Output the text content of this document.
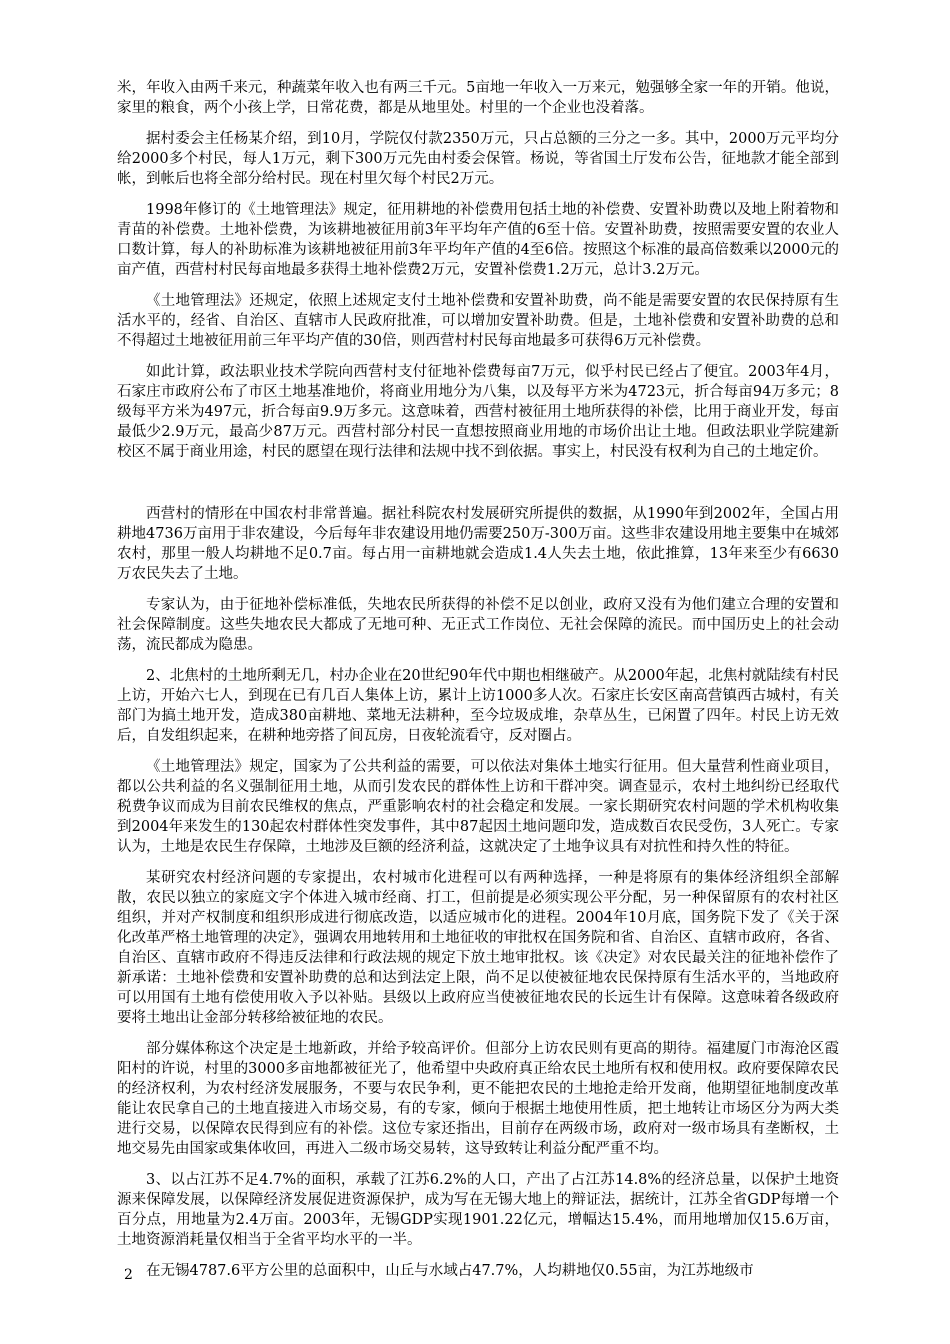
米，年收入由两千来元，种蔬菜年收入也有两三千元。5亩地一年收入一万来元，勉强够全家一年的开销。他说，家里的粮食，两个小孩上学，日常花费，都是从地里处。村里的一个企业也没着落。

据村委会主任杨某介绍，到10月，学院仅付款2350万元，只占总额的三分之一多。其中，2000万元平均分给2000多个村民，每人1万元，剩下300万元先由村委会保管。杨说，等省国土厅发布公告，征地款才能全部到帐，到帐后也将全部分给村民。现在村里欠每个村民2万元。

1998年修订的《土地管理法》规定，征用耕地的补偿费用包括土地的补偿费、安置补助费以及地上附着物和青苗的补偿费。土地补偿费，为该耕地被征用前3年平均年产值的6至十倍。安置补助费，按照需要安置的农业人口数计算，每人的补助标准为该耕地被征用前3年平均年产值的4至6倍。按照这个标准的最高倍数乘以2000元的亩产值，西营村村民每亩地最多获得土地补偿费2万元，安置补偿费1.2万元，总计3.2万元。

《土地管理法》还规定，依照上述规定支付土地补偿费和安置补助费，尚不能是需要安置的农民保持原有生活水平的，经省、自治区、直辖市人民政府批准，可以增加安置补助费。但是，土地补偿费和安置补助费的总和不得超过土地被征用前三年平均产值的30倍，则西营村村民每亩地最多可获得6万元补偿费。

如此计算，政法职业技术学院向西营村支付征地补偿费每亩7万元，似乎村民已经占了便宜。2003年4月，石家庄市政府公布了市区土地基准地价，将商业用地分为八集，以及每平方米为4723元，折合每亩94万多元；8级每平方米为497元，折合每亩9.9万多元。这意味着，西营村被征用土地所获得的补偿，比用于商业开发，每亩最低少2.9万元，最高少87万元。西营村部分村民一直想按照商业用地的市场价出让土地。但政法职业学院建新校区不属于商业用途，村民的愿望在现行法律和法规中找不到依据。事实上，村民没有权利为自己的土地定价。

西营村的情形在中国农村非常普遍。据社科院农村发展研究所提供的数据，从1990年到2002年，全国占用耕地4736万亩用于非农建设，今后每年非农建设用地仍需要250万-300万亩。这些非农建设用地主要集中在城郊农村，那里一般人均耕地不足0.7亩。每占用一亩耕地就会造成1.4人失去土地，依此推算，13年来至少有6630万农民失去了土地。

专家认为，由于征地补偿标准低，失地农民所获得的补偿不足以创业，政府又没有为他们建立合理的安置和社会保障制度。这些失地农民大都成了无地可种、无正式工作岗位、无社会保障的流民。而中国历史上的社会动荡，流民都成为隐患。

2、北焦村的土地所剩无几，村办企业在20世纪90年代中期也相继破产。从2000年起，北焦村就陆续有村民上访，开始六七人，到现在已有几百人集体上访，累计上访1000多人次。石家庄长安区南高营镇西古城村，有关部门为搞土地开发，造成380亩耕地、菜地无法耕种，至今垃圾成堆，杂草丛生，已闲置了四年。村民上访无效后，自发组织起来，在耕种地旁搭了间瓦房，日夜轮流看守，反对圈占。

《土地管理法》规定，国家为了公共利益的需要，可以依法对集体土地实行征用。但大量营利性商业项目，都以公共利益的名义强制征用土地，从而引发农民的群体性上访和干群冲突。调查显示，农村土地纠纷已经取代税费争议而成为目前农民维权的焦点，严重影响农村的社会稳定和发展。一家长期研究农村问题的学术机构收集到2004年来发生的130起农村群体性突发事件，其中87起因土地问题印发，造成数百农民受伤，3人死亡。专家认为，土地是农民生存保障，土地涉及巨额的经济利益，这就决定了土地争议具有对抗性和持久性的特征。

某研究农村经济问题的专家提出，农村城市化进程可以有两种选择，一种是将原有的集体经济组织全部解散，农民以独立的家庭文字个体进入城市经商、打工，但前提是必须实现公平分配，另一种保留原有的农村社区组织，并对产权制度和组织形成进行彻底改造，以适应城市化的进程。2004年10月底，国务院下发了《关于深化改革严格土地管理的决定》，强调农用地转用和土地征收的审批权在国务院和省、自治区、直辖市政府，各省、自治区、直辖市政府不得违反法律和行政法规的规定下放土地审批权。该《决定》对农民最关注的征地补偿作了新承诺：土地补偿费和安置补助费的总和达到法定上限，尚不足以使被征地农民保持原有生活水平的，当地政府可以用国有土地有偿使用收入予以补贴。县级以上政府应当使被征地农民的长远生计有保障。这意味着各级政府要将土地出让金部分转移给被征地的农民。

部分媒体称这个决定是土地新政，并给予较高评价。但部分上访农民则有更高的期待。福建厦门市海沧区霞阳村的许说，村里的3000多亩地都被征光了，他希望中央政府真正给农民土地所有权和使用权。政府要保障农民的经济权利，为农村经济发展服务，不要与农民争利，更不能把农民的土地抢走给开发商，他期望征地制度改革能让农民拿自己的土地直接进入市场交易，有的专家，倾向于根据土地使用性质，把土地转让市场区分为两大类进行交易，以保障农民得到应有的补偿。这位专家还指出，目前存在两级市场，政府对一级市场具有垄断权，土地交易先由国家或集体收回，再进入二级市场交易转，这导致转让利益分配严重不均。

3、以占江苏不足4.7%的面积，承载了江苏6.2%的人口，产出了占江苏14.8%的经济总量，以保护土地资源来保障发展，以保障经济发展促进资源保护，成为写在无锡大地上的辩证法，据统计，江苏全省GDP每增一个百分点，用地量为2.4万亩。2003年，无锡GDP实现1901.22亿元，增幅达15.4%，而用地增加仅15.6万亩，土地资源消耗量仅相当于全省平均水平的一半。

在无锡4787.6平方公里的总面积中，山丘与水域占47.7%，人均耕地仅0.55亩，为江苏地级市

2
